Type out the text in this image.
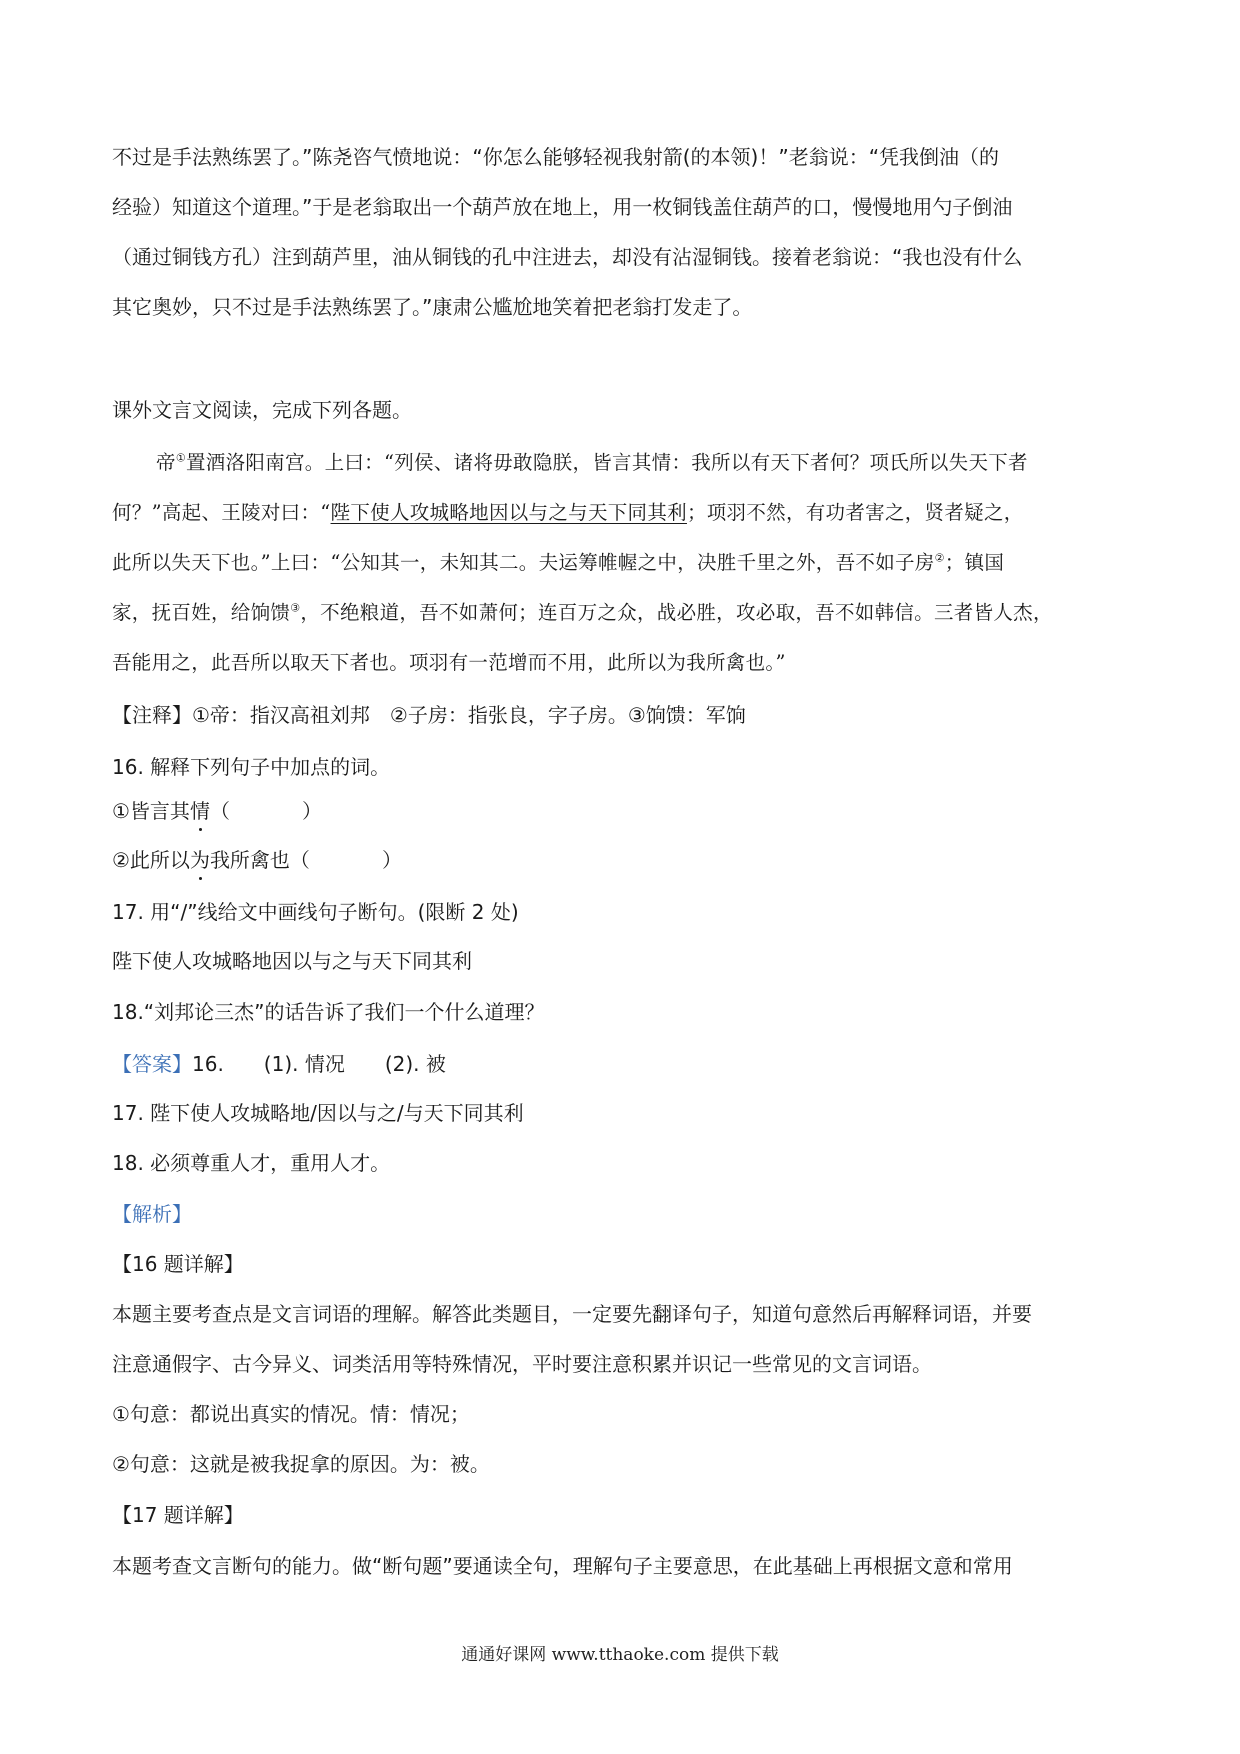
不过是手法熟练罢了。”陈尧咨气愤地说：“你怎么能够轻视我射箭(的本领)！”老翁说：“凭我倒油（的
经验）知道这个道理。”于是老翁取出一个葫芦放在地上，用一枚铜钱盖住葫芦的口，慢慢地用勺子倒油
（通过铜钱方孔）注到葫芦里，油从铜钱的孔中注进去，却没有沾湿铜钱。接着老翁说：“我也没有什么
其它奥妙，只不过是手法熟练罢了。”康肃公尴尬地笑着把老翁打发走了。
课外文言文阅读，完成下列各题。
帝①置酒洛阳南宫。上曰：“列侯、诸将毋敢隐朕，皆言其情：我所以有天下者何？项氏所以失天下者
何？”高起、王陵对曰：“陛下使人攻城略地因以与之与天下同其利；项羽不然，有功者害之，贤者疑之，
此所以失天下也。”上曰：“公知其一，未知其二。夫运筹帷幄之中，决胜千里之外，吾不如子房②；镇国
家，抚百姓，给饷馈③，不绝粮道，吾不如萧何；连百万之众，战必胜，攻必取，吾不如韩信。三者皆人杰，
吾能用之，此吾所以取天下者也。项羽有一范增而不用，此所以为我所禽也。”
【注释】①帝：指汉高祖刘邦　②子房：指张良，字子房。③饷馈：军饷
16. 解释下列句子中加点的词。
①皆言其情（	）
②此所以为我所禽也（	）
17. 用“/”线给文中画线句子断句。(限断 2 处)
陛下使人攻城略地因以与之与天下同其利
18.“刘邦论三杰”的话告诉了我们一个什么道理？
【答案】16.　　(1). 情况　　(2). 被
17. 陛下使人攻城略地/因以与之/与天下同其利
18. 必须尊重人才，重用人才。
【解析】
【16 题详解】
本题主要考查点是文言词语的理解。解答此类题目，一定要先翻译句子，知道句意然后再解释词语，并要
注意通假字、古今异义、词类活用等特殊情况，平时要注意积累并识记一些常见的文言词语。
①句意：都说出真实的情况。情：情况；
②句意：这就是被我捉拿的原因。为：被。
【17 题详解】
本题考查文言断句的能力。做“断句题”要通读全句，理解句子主要意思，在此基础上再根据文意和常用
通通好课网 www.tthaoke.com 提供下载
